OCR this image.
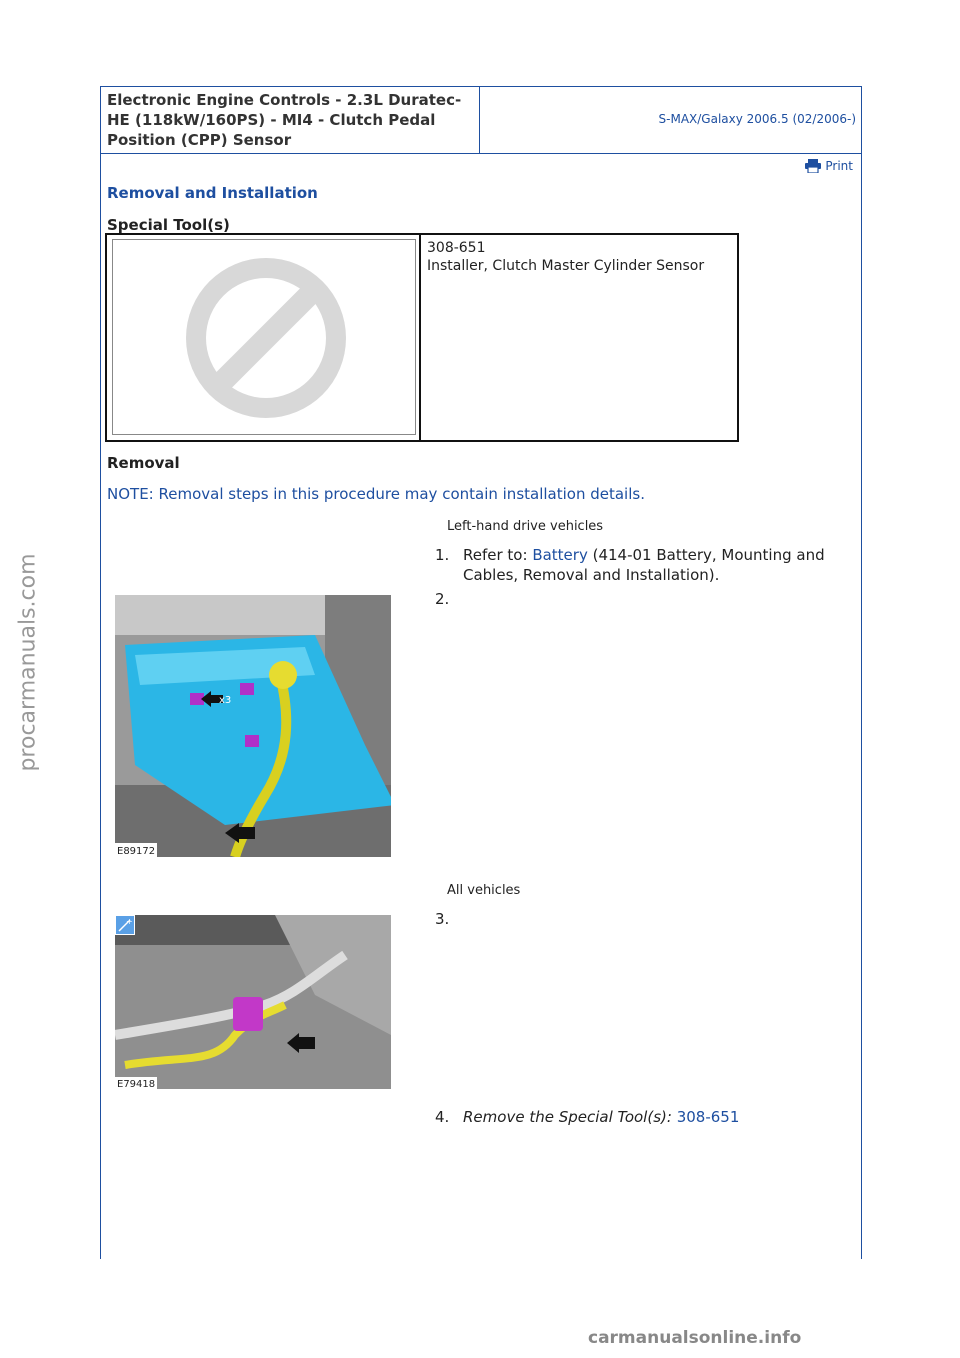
Electronic Engine Controls - 2.3L Duratec-
HE (118kW/160PS) - MI4 - Clutch Pedal
Position (CPP) Sensor
S-MAX/Galaxy 2006.5 (02/2006-)
Print
Removal and Installation
Special Tool(s)
308-651
Installer, Clutch Master Cylinder Sensor
Removal
NOTE: Removal steps in this procedure may contain installation details.
Left-hand drive vehicles
1. Refer to: Battery (414-01 Battery, Mounting and Cables, Removal and Installation).
2.
x3
E89172
All vehicles
3.
E79418
+
4. Remove the Special Tool(s): 308-651
procarmanuals.com
carmanualsonline.info
